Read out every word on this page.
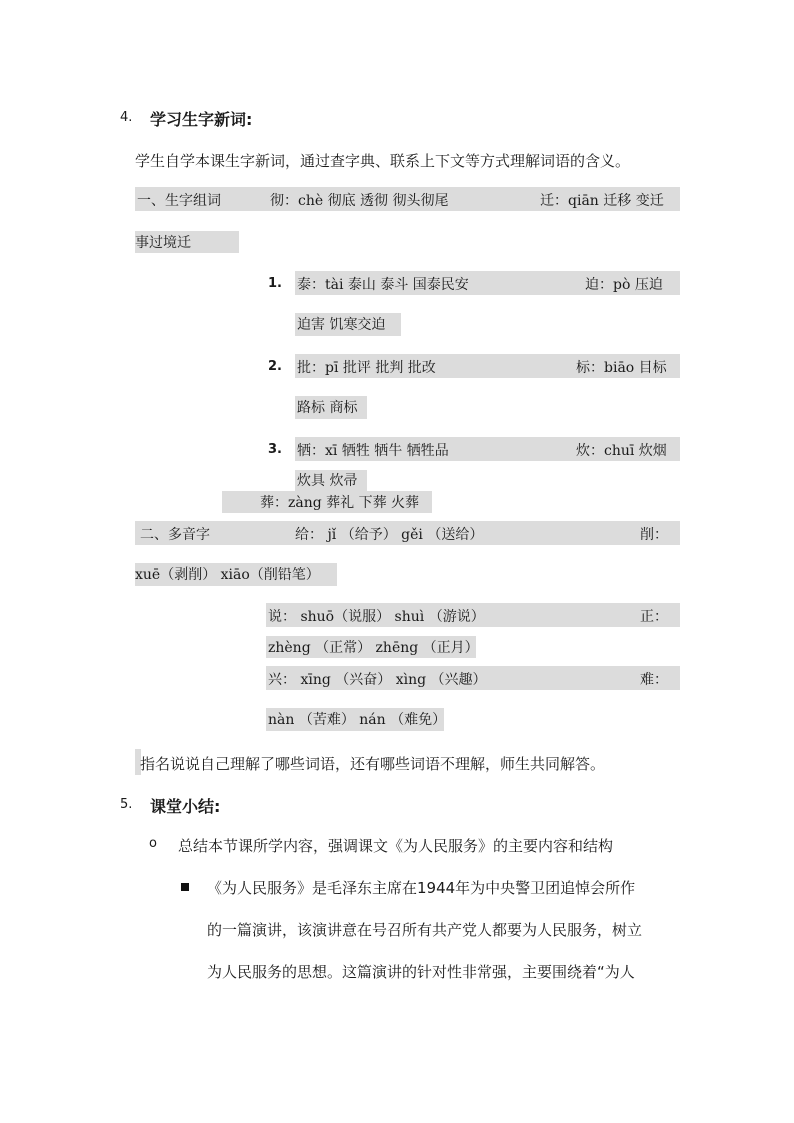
4. 学习生字新词:
学生自学本课生字新词，通过查字典、联系上下文等方式理解词语的含义。
一、生字组词	彻：chè 彻底 透彻 彻头彻尾	迁：qiān 迁移 变迁
事过境迁
1. 泰：tài 泰山 泰斗 国泰民安	迫：pò 压迫
迫害 饥寒交迫
2. 批：pī 批评 批判 批改	标：biāo 目标
路标 商标
3. 牺：xī 牺牲 牺牛 牺牲品	炊：chuī 炊烟
炊具 炊帚
葬：zàng 葬礼 下葬 火葬
二、多音字	给： jǐ （给予） gěi （送给）	削：
xuē（剥削） xiāo（削铅笔）
说： shuō（说服） shuì （游说）	正：
zhèng （正常） zhēng （正月）
兴： xīng （兴奋） xìng （兴趣）	难：
nàn （苦难） nán （难免）
指名说说自己理解了哪些词语，还有哪些词语不理解，师生共同解答。
5. 课堂小结:
o 总结本节课所学内容，强调课文《为人民服务》的主要内容和结构
《为人民服务》是毛泽东主席在1944年为中央警卫团追悼会所作
的一篇演讲，该演讲意在号召所有共产党人都要为人民服务，树立
为人民服务的思想。这篇演讲的针对性非常强，主要围绕着“为人
